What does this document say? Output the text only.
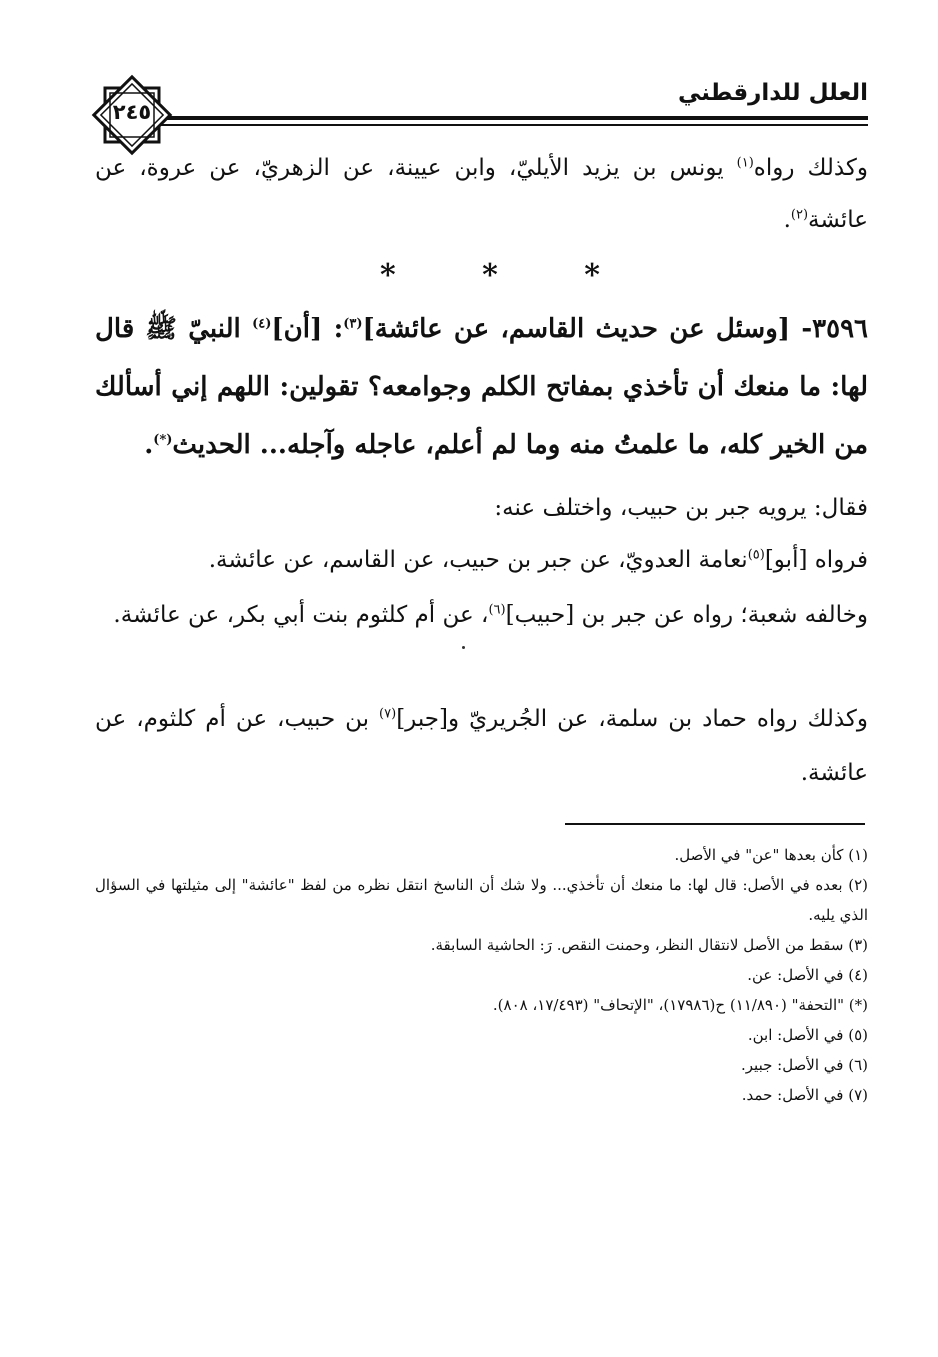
العلل للدارقطني
٢٤٥
وكذلك رواه$^{(١)}$ يونس بن يزيد الأيليّ، وابن عيينة، عن الزهريّ، عن عروة، عن عائشة$^{(٢)}$.
*	*	*
٣٥٩٦- [وسئل عن حديث القاسم، عن عائشة]$^{(٣)}$: [أن]$^{(٤)}$ النبيّ ﷺ قال لها: ما منعك أن تأخذي بمفاتح الكلم وجوامعه؟ تقولين: اللهم إني أسألك من الخير كله، ما علمتُ منه وما لم أعلم، عاجله وآجله... الحديث(*).
فقال: يرويه جبر بن حبيب، واختلف عنه:
فرواه [أبو]$^{(٥)}$نعامة العدويّ، عن جبر بن حبيب، عن القاسم، عن عائشة.
وخالفه شعبة؛ رواه عن جبر بن [حبيب]$^{(٦)}$، عن أم كلثوم بنت أبي بكر، عن عائشة.
وكذلك رواه حماد بن سلمة، عن الجُريريّ و[جبر]$^{(٧)}$ بن حبيب، عن أم كلثوم، عن عائشة.
(١) كأن بعدها "عن" في الأصل.
(٢) بعده في الأصل: قال لها: ما منعك أن تأخذي... ولا شك أن الناسخ انتقل نظره من لفظ "عائشة" إلى مثيلتها في السؤال الذي يليه.
(٣) سقط من الأصل لانتقال النظر، وحمنت النقص. رَ: الحاشية السابقة.
(٤) في الأصل: عن.
(*) "التحفة" (١١/٨٩٠) ح(١٧٩٨٦)، "الإتحاف" (١٧/٤٩٣، ٨٠٨).
(٥) في الأصل: ابن.
(٦) في الأصل: جبير.
(٧) في الأصل: حمد.
